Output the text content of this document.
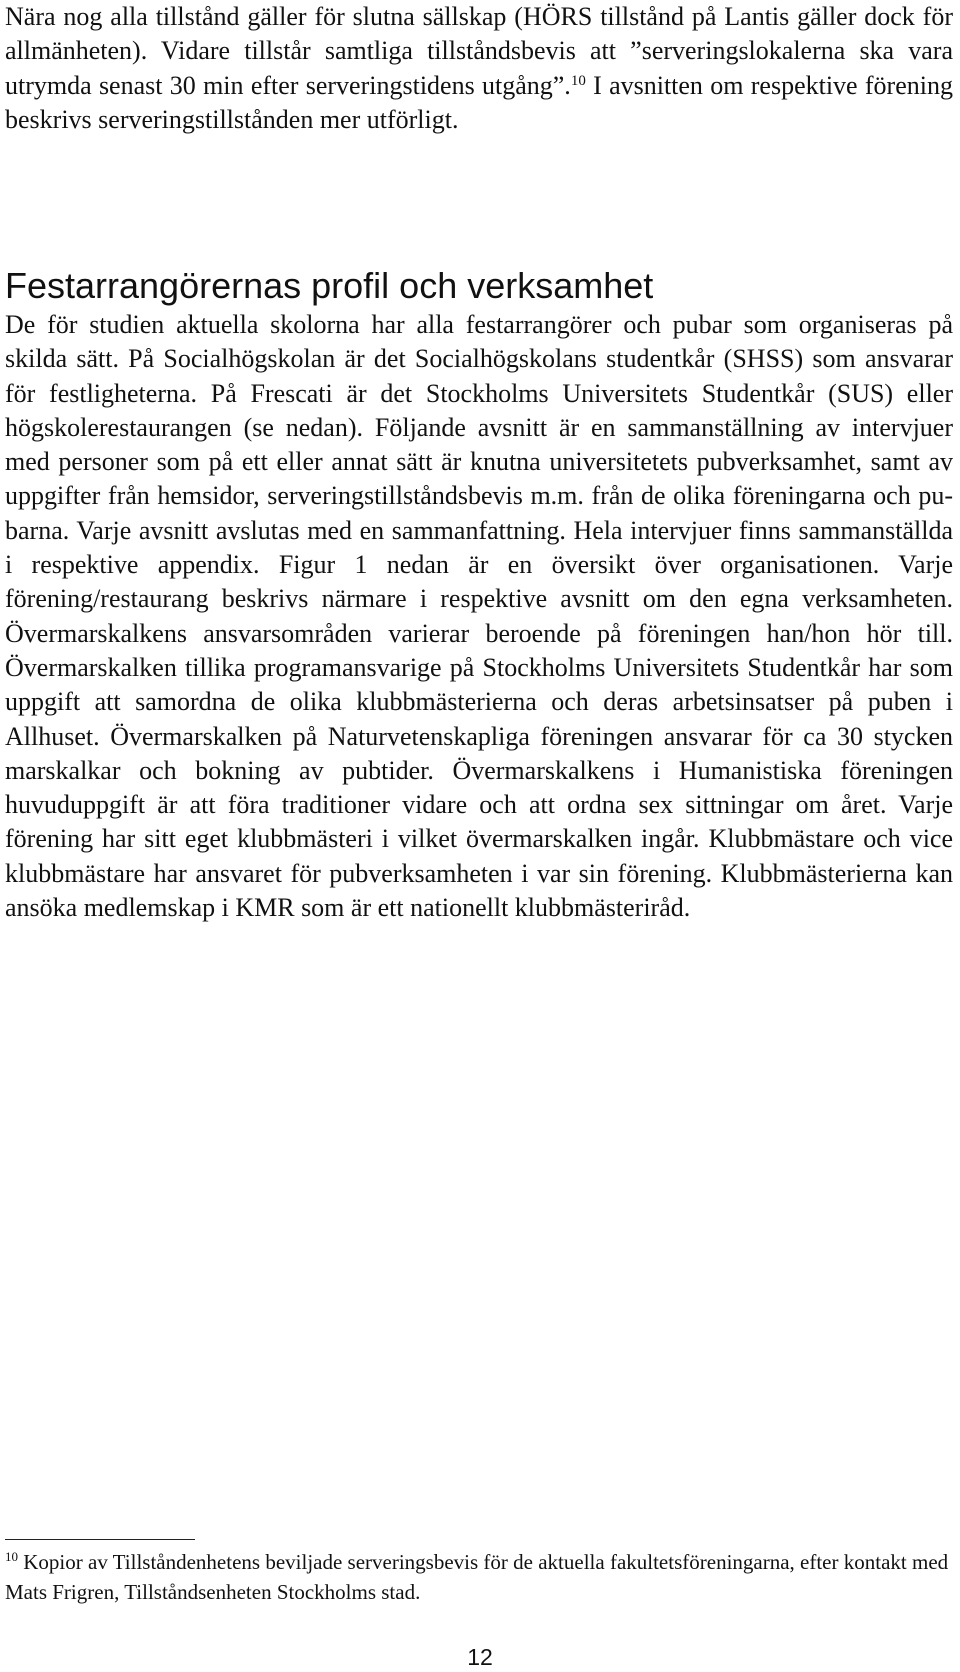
Nära nog alla tillstånd gäller för slutna sällskap (HÖRS tillstånd på Lantis gäller dock för allmänheten). Vidare tillstår samtliga tillståndsbevis att ”serveringslokalerna ska vara utrymda senast 30 min efter serveringstidens utgång”.$^{10}$ I avsnitten om respektive förening beskrivs serveringstillstånden mer utförligt.

Festarrangörernas profil och verksamhet

De för studien aktuella skolorna har alla festarrangörer och pubar som organiseras på skilda sätt. På Socialhögskolan är det Socialhögskolans studentkår (SHSS) som ansvarar för festligheterna. På Frescati är det Stockholms Universitets Studentkår (SUS) eller högskolerestaurangen (se nedan). Följande avsnitt är en sammanställning av intervjuer med personer som på ett eller annat sätt är knutna universitetets pubverksamhet, samt av uppgifter från hemsidor, serveringstillståndsbevis m.m. från de olika föreningarna och pubarna. Varje avsnitt avslutas med en sammanfattning. Hela intervjuer finns sammanställda i respektive appendix. Figur 1 nedan är en översikt över organisationen. Varje förening/restaurang beskrivs närmare i respektive avsnitt om den egna verksamheten. Övermarskalkens ansvarsområden varierar beroende på föreningen han/hon hör till. Övermarskalken tillika programansvarige på Stockholms Universitets Studentkår har som uppgift att samordna de olika klubbmästerierna och deras arbetsinsatser på puben i Allhuset. Övermarskalken på Naturvetenskapliga föreningen ansvarar för ca 30 stycken marskalkar och bokning av pubtider. Övermarskalkens i Humanistiska föreningen huvuduppgift är att föra traditioner vidare och att ordna sex sittningar om året. Varje förening har sitt eget klubbmästeri i vilket övermarskalken ingår. Klubbmästare och vice klubbmästare har ansvaret för pubverksamheten i var sin förening. Klubbmästerierna kan ansöka medlemskap i KMR som är ett nationellt klubbmästeriråd.

$^{10}$ Kopior av Tillståndenhetens beviljade serveringsbevis för de aktuella fakultetsföreningarna, efter kontakt med Mats Frigren, Tillståndsenheten Stockholms stad.

12
